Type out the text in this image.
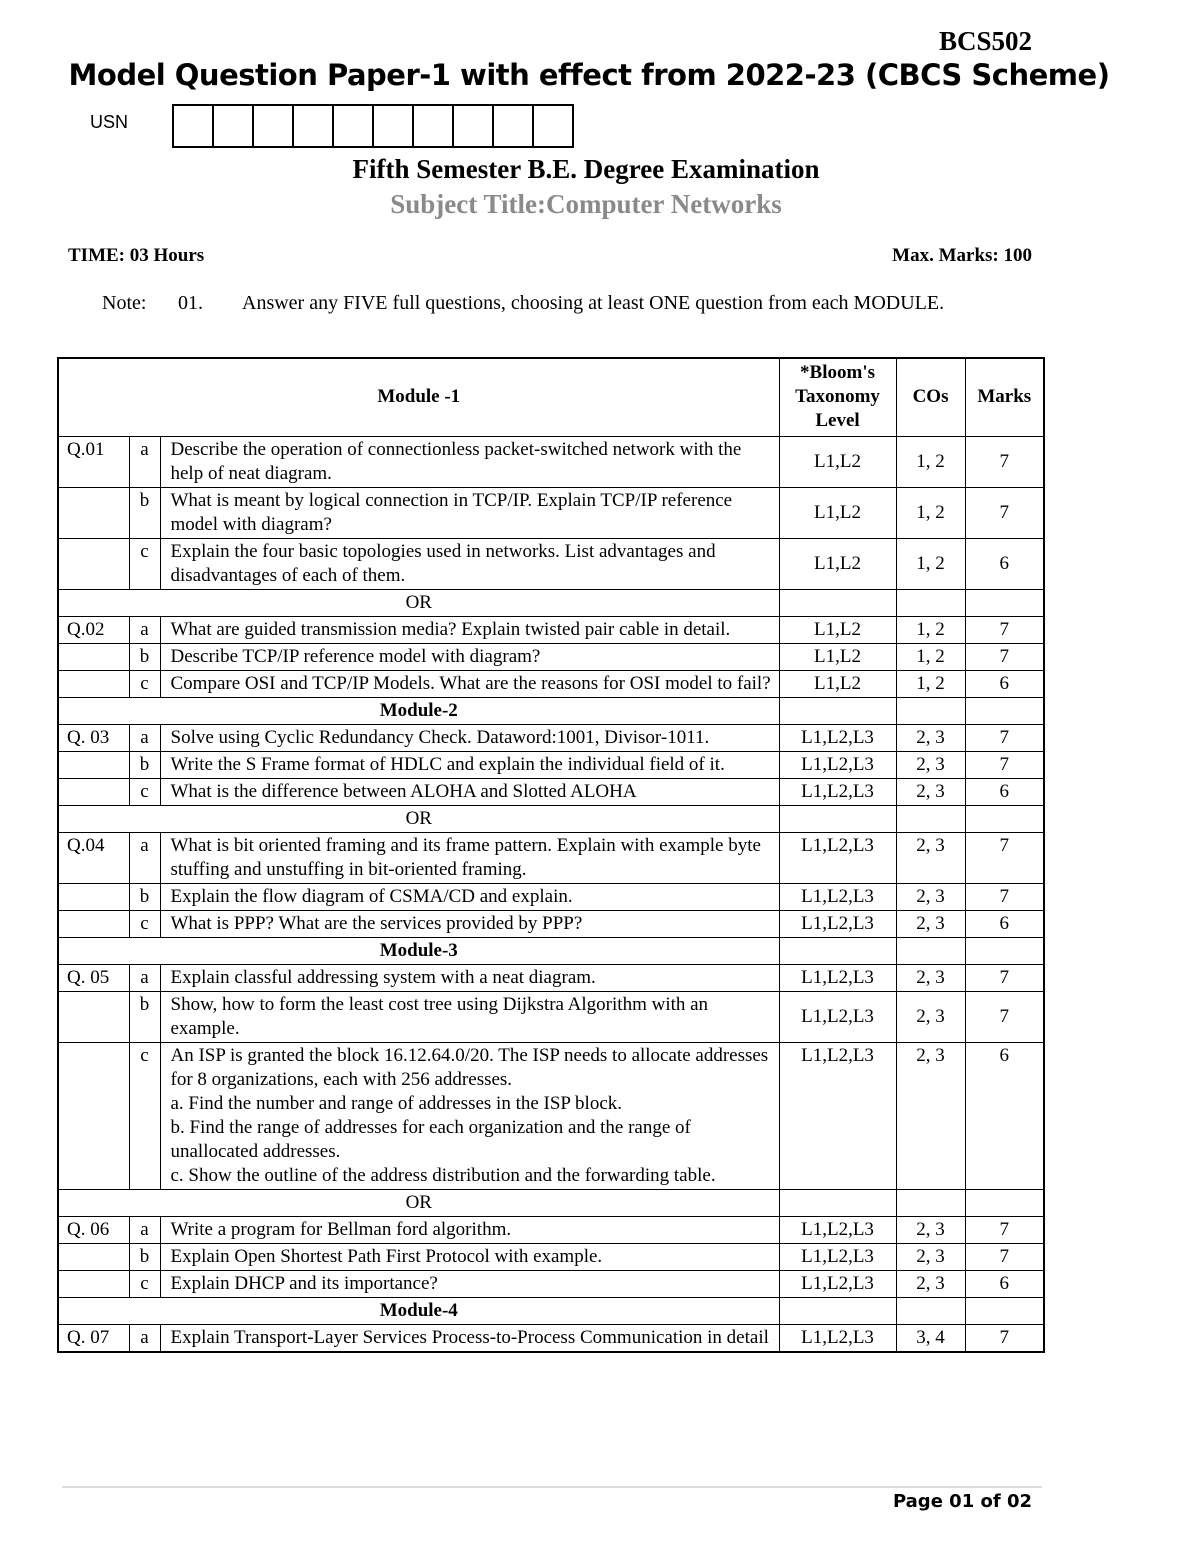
BCS502
Model Question Paper-1 with effect from 2022-23 (CBCS Scheme)
USN
Fifth Semester B.E. Degree Examination
Subject Title:Computer Networks
TIME: 03 Hours	Max. Marks: 100
Note: 01. Answer any FIVE full questions, choosing at least ONE question from each MODULE.
Module -1			*Bloom's Taxonomy Level	COs	Marks
Q.01	a	Describe the operation of connectionless packet-switched network with the help of neat diagram.	L1,L2	1, 2	7
	b	What is meant by logical connection in TCP/IP. Explain TCP/IP reference model with diagram?	L1,L2	1, 2	7
	c	Explain the four basic topologies used in networks. List advantages and disadvantages of each of them.	L1,L2	1, 2	6
OR					
Q.02	a	What are guided transmission media? Explain twisted pair cable in detail.	L1,L2	1, 2	7
	b	Describe TCP/IP reference model with diagram?	L1,L2	1, 2	7
	c	Compare OSI and TCP/IP Models. What are the reasons for OSI model to fail?	L1,L2	1, 2	6
Module-2					
Q. 03	a	Solve using Cyclic Redundancy Check. Dataword:1001, Divisor-1011.	L1,L2,L3	2, 3	7
	b	Write the S Frame format of HDLC and explain the individual field of it.	L1,L2,L3	2, 3	7
	c	What is the difference between ALOHA and Slotted ALOHA	L1,L2,L3	2, 3	6
OR					
Q.04	a	What is bit oriented framing and its frame pattern. Explain with example byte stuffing and unstuffing in bit-oriented framing.	L1,L2,L3	2, 3	7
	b	Explain the flow diagram of CSMA/CD and explain.	L1,L2,L3	2, 3	7
	c	What is PPP? What are the services provided by PPP?	L1,L2,L3	2, 3	6
Module-3					
Q. 05	a	Explain classful addressing system with a neat diagram.	L1,L2,L3	2, 3	7
	b	Show, how to form the least cost tree using Dijkstra Algorithm with an example.	L1,L2,L3	2, 3	7
	c	An ISP is granted the block 16.12.64.0/20. The ISP needs to allocate addresses for 8 organizations, each with 256 addresses.
a. Find the number and range of addresses in the ISP block.
b. Find the range of addresses for each organization and the range of unallocated addresses.
c. Show the outline of the address distribution and the forwarding table.	L1,L2,L3	2, 3	6
OR					
Q. 06	a	Write a program for Bellman ford algorithm.	L1,L2,L3	2, 3	7
	b	Explain Open Shortest Path First Protocol with example.	L1,L2,L3	2, 3	7
	c	Explain DHCP and its importance?	L1,L2,L3	2, 3	6
Module-4					
Q. 07	a	Explain Transport-Layer Services Process-to-Process Communication in detail	L1,L2,L3	3, 4	7
Page 01 of 02
